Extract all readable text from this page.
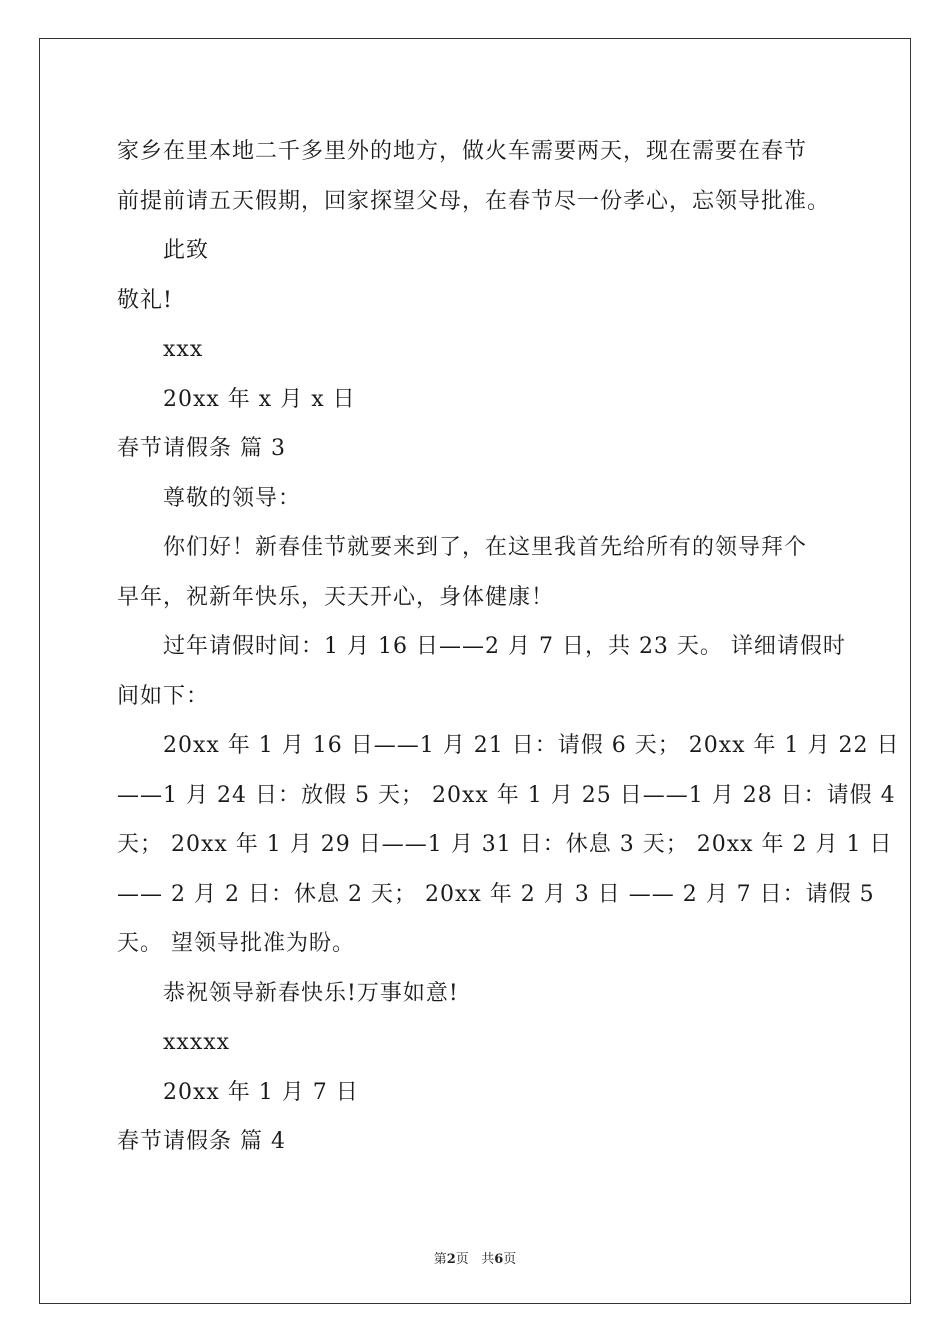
家乡在里本地二千多里外的地方，做火车需要两天，现在需要在春节
前提前请五天假期，回家探望父母，在春节尽一份孝心，忘领导批准。
此致
敬礼!
xxx
20xx 年 x 月 x 日
春节请假条 篇 3
尊敬的领导：
你们好！新春佳节就要来到了，在这里我首先给所有的领导拜个
早年，祝新年快乐，天天开心，身体健康！
过年请假时间：1 月 16 日——2 月 7 日，共 23 天。 详细请假时
间如下：
20xx 年 1 月 16 日——1 月 21 日：请假 6 天； 20xx 年 1 月 22 日
——1 月 24 日：放假 5 天； 20xx 年 1 月 25 日——1 月 28 日：请假 4
天； 20xx 年 1 月 29 日——1 月 31 日：休息 3 天； 20xx 年 2 月 1 日
—— 2 月 2 日：休息 2 天； 20xx 年 2 月 3 日 —— 2 月 7 日：请假 5
天。 望领导批准为盼。
恭祝领导新春快乐!万事如意!
xxxxx
20xx 年 1 月 7 日
春节请假条 篇 4
第2页 共6页
